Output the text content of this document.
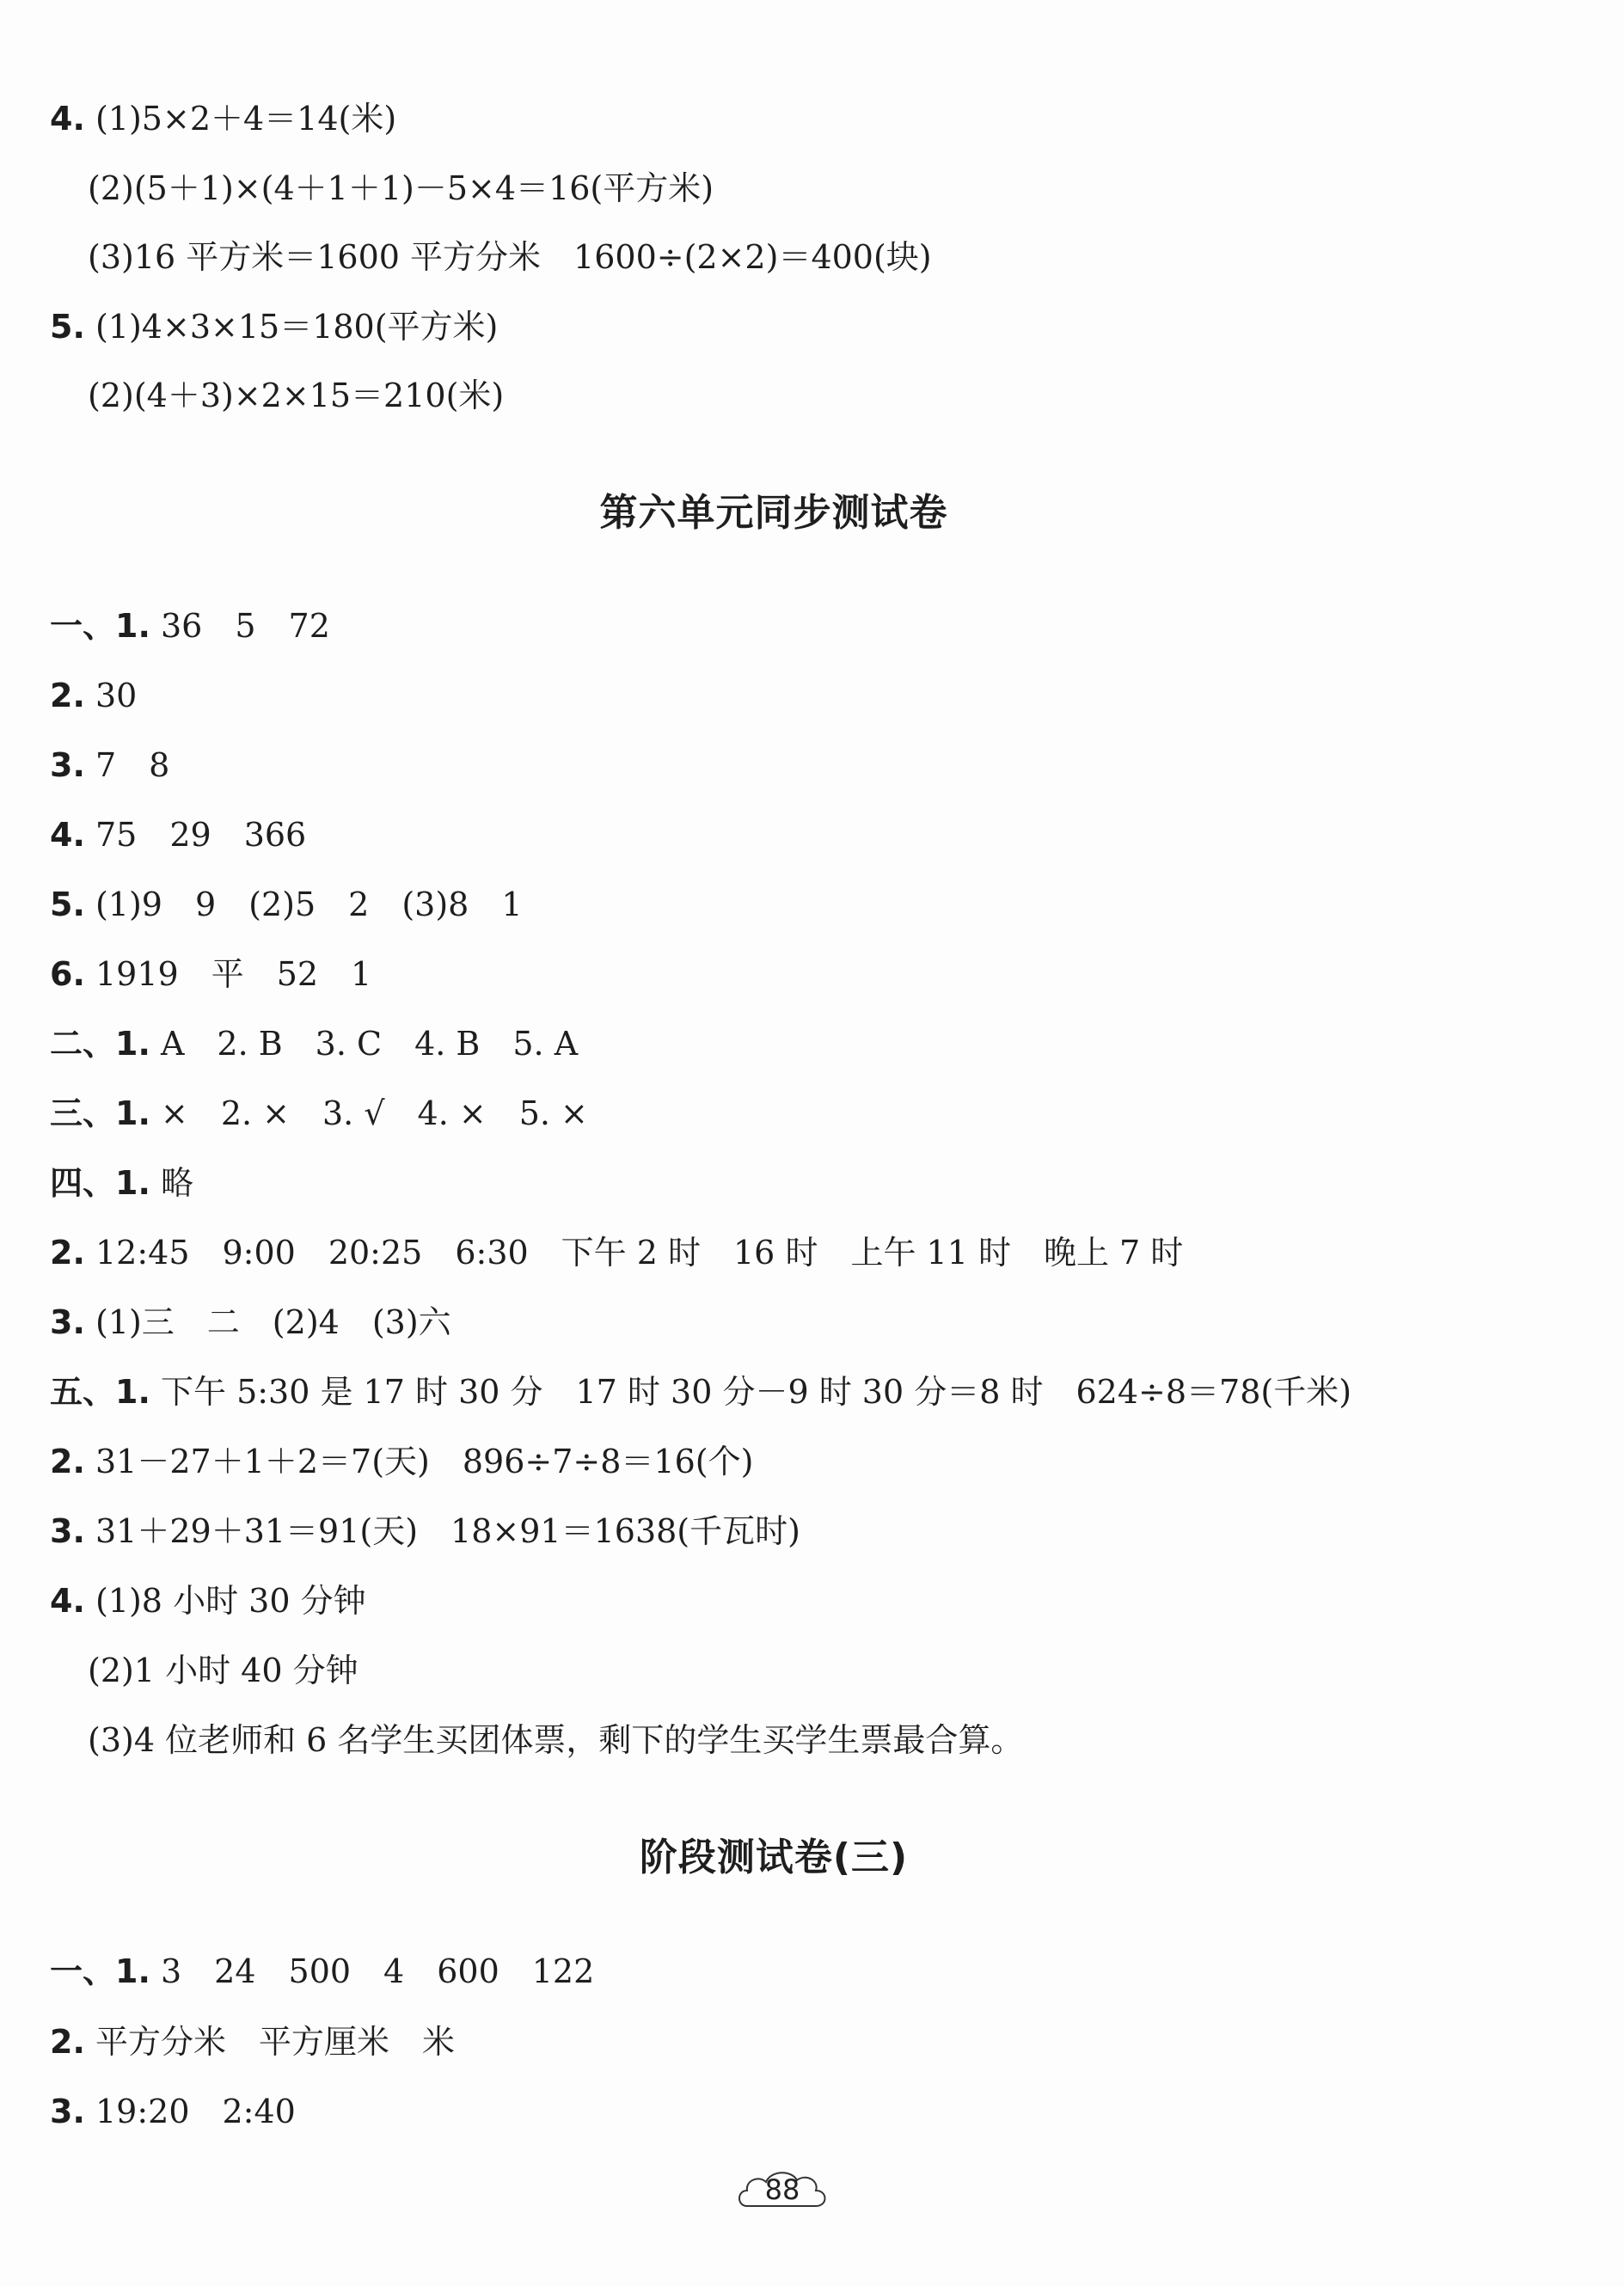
4. (1)5×2＋4＝14(米)
(2)(5＋1)×(4＋1＋1)－5×4＝16(平方米)
(3)16 平方米＝1600 平方分米　1600÷(2×2)＝400(块)
5. (1)4×3×15＝180(平方米)
(2)(4＋3)×2×15＝210(米)
第六单元同步测试卷
一、1. 36　5　72
2. 30
3. 7　8
4. 75　29　366
5. (1)9　9　(2)5　2　(3)8　1
6. 1919　平　52　1
二、1. A　2. B　3. C　4. B　5. A
三、1. ×　2. ×　3. √　4. ×　5. ×
四、1. 略
2. 12:45　9:00　20:25　6:30　下午 2 时　16 时　上午 11 时　晚上 7 时
3. (1)三　二　(2)4　(3)六
五、1. 下午 5:30 是 17 时 30 分　17 时 30 分－9 时 30 分＝8 时　624÷8＝78(千米)
2. 31－27＋1＋2＝7(天)　896÷7÷8＝16(个)
3. 31＋29＋31＝91(天)　18×91＝1638(千瓦时)
4. (1)8 小时 30 分钟
(2)1 小时 40 分钟
(3)4 位老师和 6 名学生买团体票，剩下的学生买学生票最合算。
阶段测试卷(三)
一、1. 3　24　500　4　600　122
2. 平方分米　平方厘米　米
3. 19:20　2:40
88
